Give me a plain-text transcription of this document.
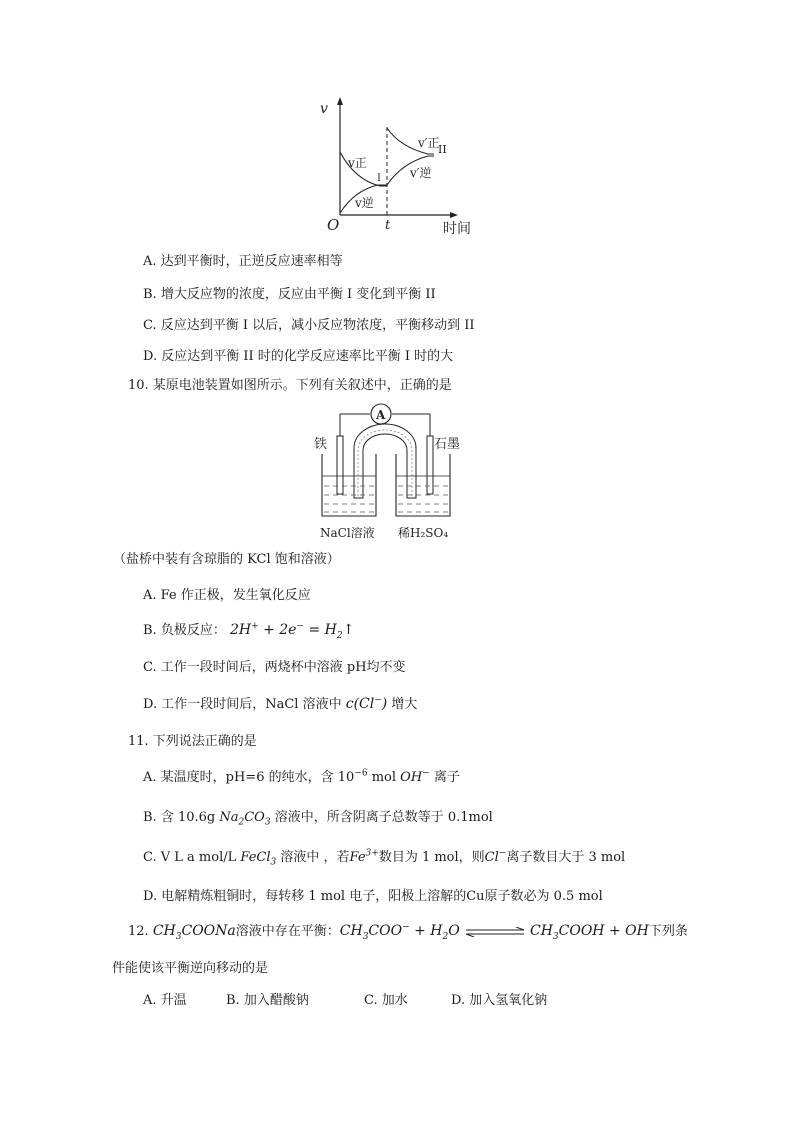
v
v正
v逆
I
v′正
II
v′逆
O	t	时间
A. 达到平衡时，正逆反应速率相等
B. 增大反应物的浓度，反应由平衡 I 变化到平衡 II
C. 反应达到平衡 I 以后，减小反应物浓度，平衡移动到 II
D. 反应达到平衡 II 时的化学反应速率比平衡 I 时的大
10. 某原电池装置如图所示。下列有关叙述中，正确的是
A
铁	石墨
NaCl溶液 稀H₂SO₄
（盐桥中装有含琼脂的 KCl 饱和溶液）
A. Fe 作正极，发生氧化反应
B. 负极反应： $2H^+ + 2e^- = H_2↑$
C. 工作一段时间后，两烧杯中溶液 pH均不变
D. 工作一段时间后，NaCl 溶液中 c(Cl−) 增大
11. 下列说法正确的是
A. 某温度时，pH=6 的纯水，含 $10^{-6}$ mol OH− 离子
B. 含 10.6g $Na_2CO_3$ 溶液中，所含阴离子总数等于 0.1mol
C. V L a mol/L FeCl$_3$ 溶液中 ，若$Fe^{3+}$数目为 1 mol，则Cl−离子数目大于 3 mol
D. 电解精炼粗铜时，每转移 1 mol 电子，阳极上溶解的Cu原子数必为 0.5 mol
12. $CH_3COONa$溶液中存在平衡：$CH_3COO^- + H_2O$	$CH_3COOH$ + OH下列条
件能使该平衡逆向移动的是
A. 升温	B. 加入醋酸钠	C. 加水	D. 加入氢氧化钠
